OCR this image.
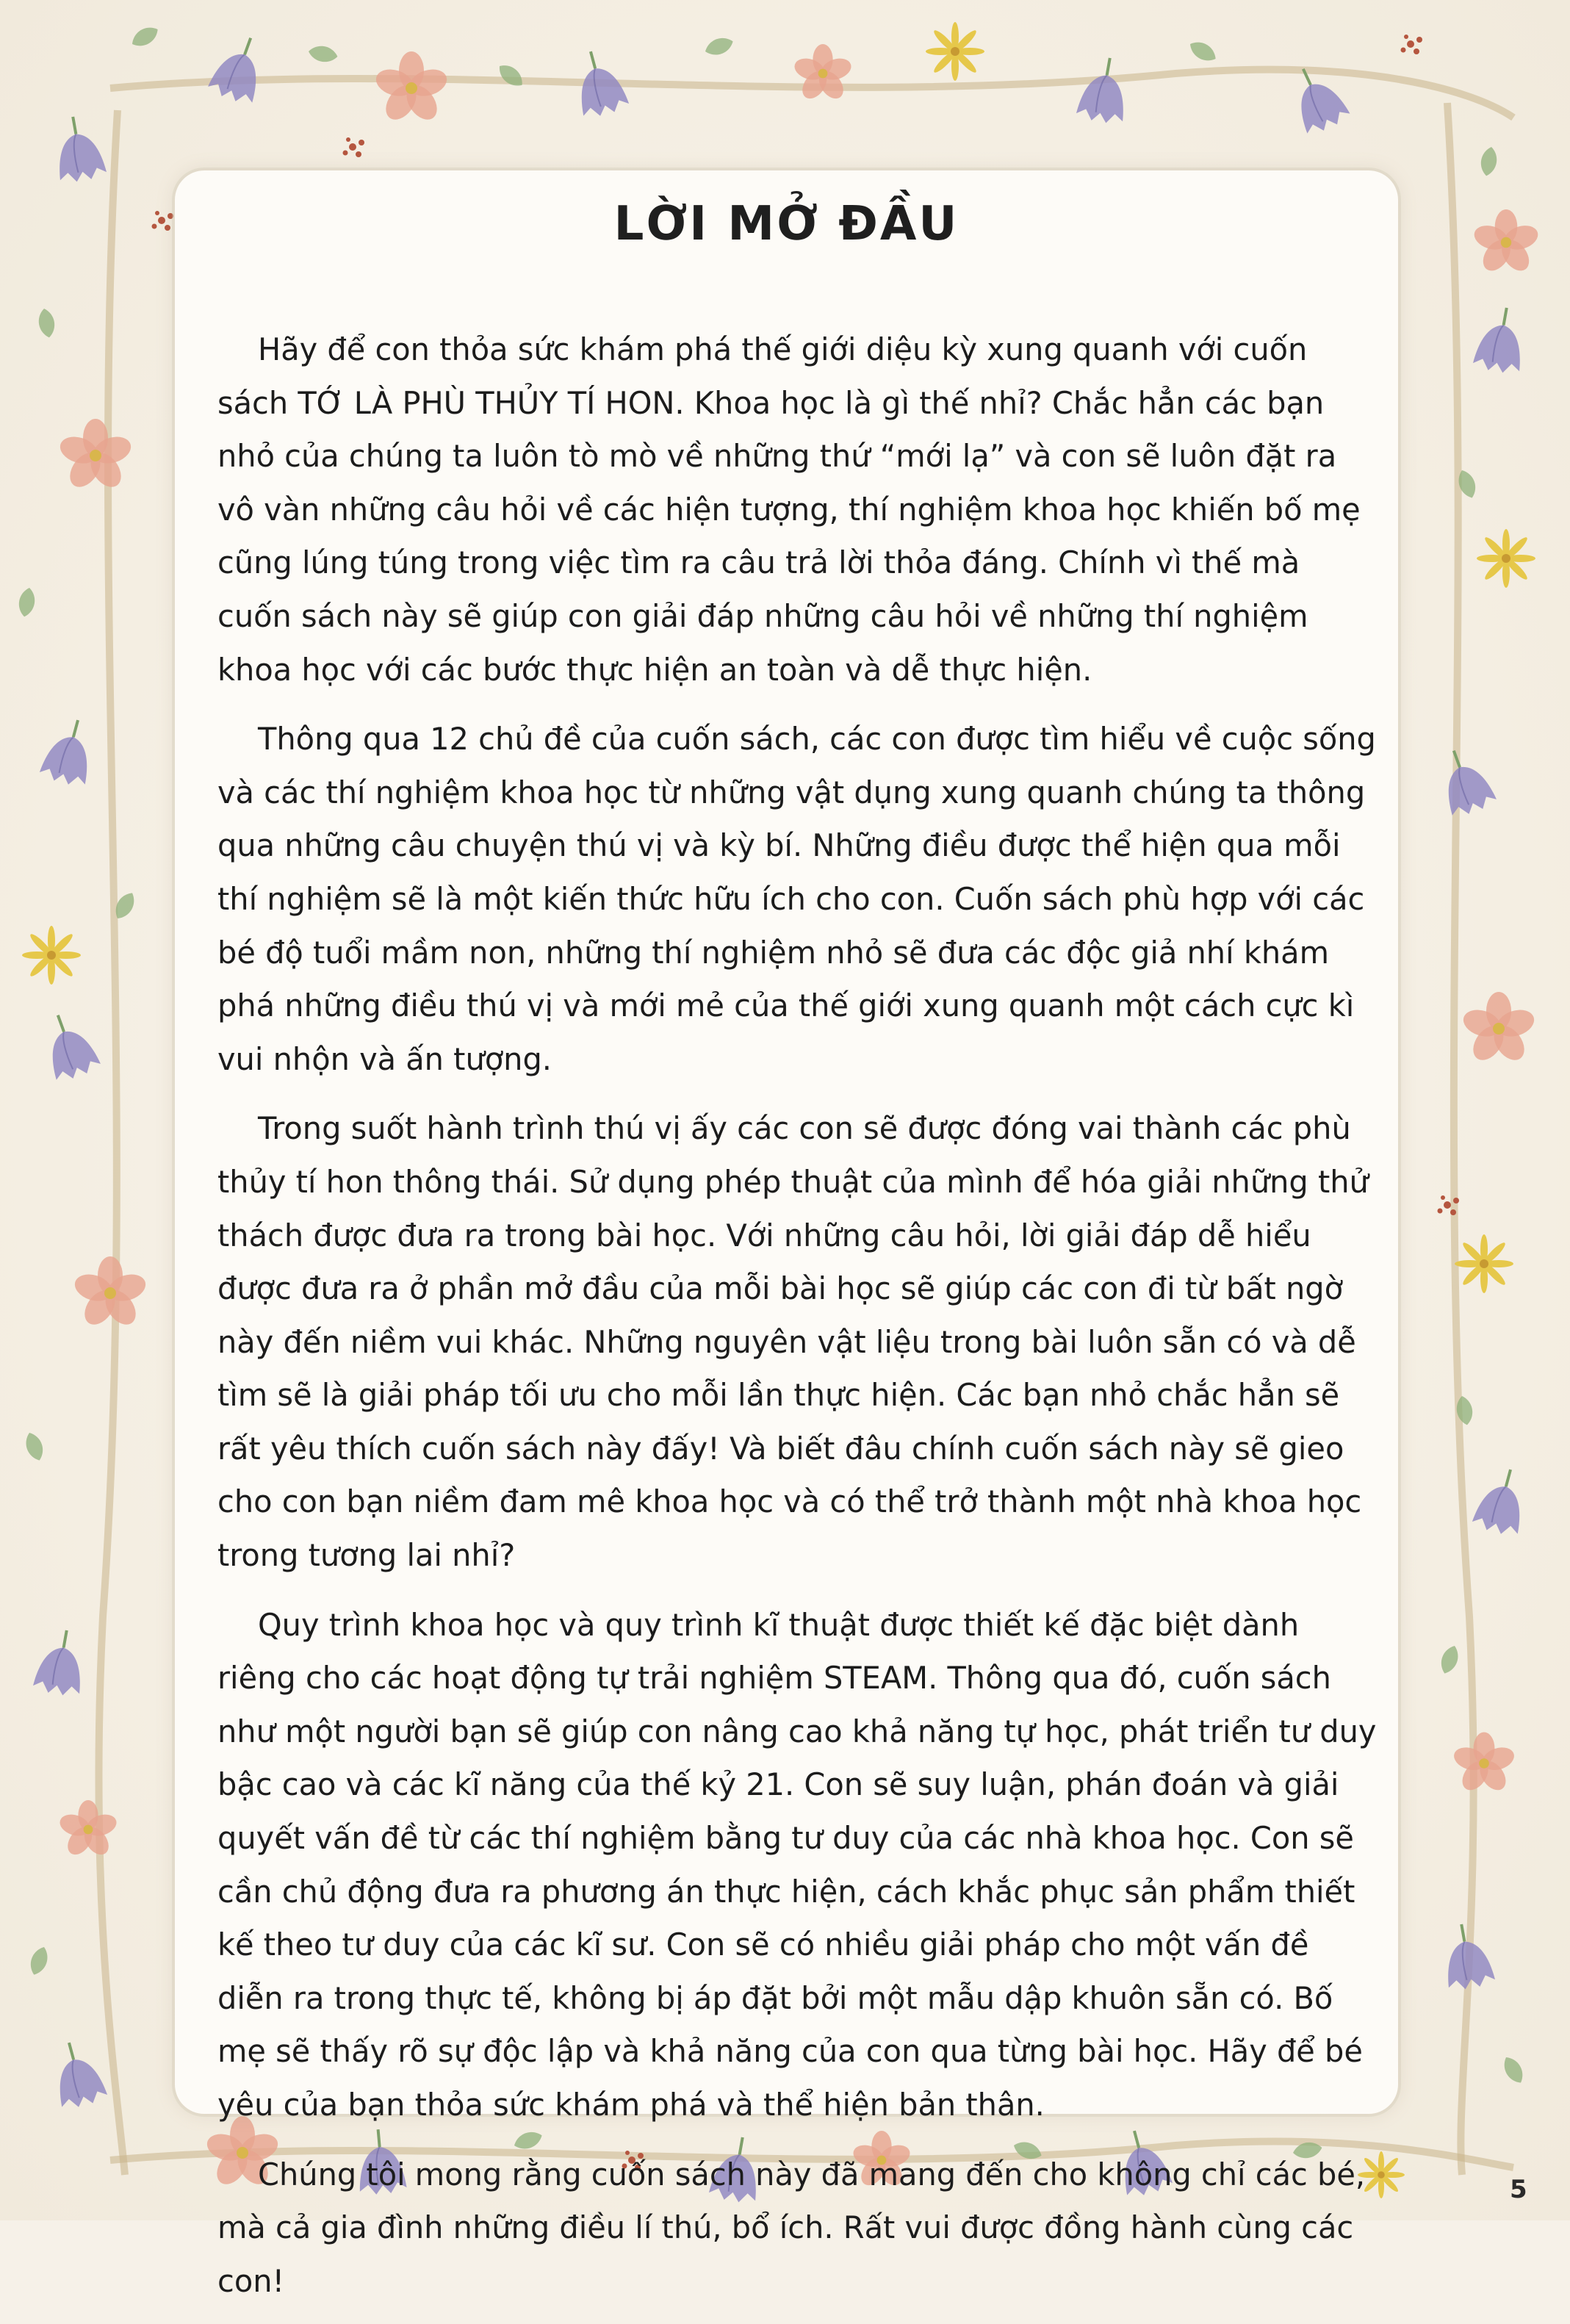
LỜI MỞ ĐẦU

Hãy để con thỏa sức khám phá thế giới diệu kỳ xung quanh với cuốn sách TỚ LÀ PHÙ THỦY TÍ HON. Khoa học là gì thế nhỉ? Chắc hẳn các bạn nhỏ của chúng ta luôn tò mò về những thứ “mới lạ” và con sẽ luôn đặt ra vô vàn những câu hỏi về các hiện tượng, thí nghiệm khoa học khiến bố mẹ cũng lúng túng trong việc tìm ra câu trả lời thỏa đáng. Chính vì thế mà cuốn sách này sẽ giúp con giải đáp những câu hỏi về những thí nghiệm khoa học với các bước thực hiện an toàn và dễ thực hiện.

Thông qua 12 chủ đề của cuốn sách, các con được tìm hiểu về cuộc sống và các thí nghiệm khoa học từ những vật dụng xung quanh chúng ta thông qua những câu chuyện thú vị và kỳ bí. Những điều được thể hiện qua mỗi thí nghiệm sẽ là một kiến thức hữu ích cho con. Cuốn sách phù hợp với các bé độ tuổi mầm non, những thí nghiệm nhỏ sẽ đưa các độc giả nhí khám phá những điều thú vị và mới mẻ của thế giới xung quanh một cách cực kì vui nhộn và ấn tượng.

Trong suốt hành trình thú vị ấy các con sẽ được đóng vai thành các phù thủy tí hon thông thái. Sử dụng phép thuật của mình để hóa giải những thử thách được đưa ra trong bài học. Với những câu hỏi, lời giải đáp dễ hiểu được đưa ra ở phần mở đầu của mỗi bài học sẽ giúp các con đi từ bất ngờ này đến niềm vui khác. Những nguyên vật liệu trong bài luôn sẵn có và dễ tìm sẽ là giải pháp tối ưu cho mỗi lần thực hiện. Các bạn nhỏ chắc hẳn sẽ rất yêu thích cuốn sách này đấy! Và biết đâu chính cuốn sách này sẽ gieo cho con bạn niềm đam mê khoa học và có thể trở thành một nhà khoa học trong tương lai nhỉ?

Quy trình khoa học và quy trình kĩ thuật được thiết kế đặc biệt dành riêng cho các hoạt động tự trải nghiệm STEAM. Thông qua đó, cuốn sách như một người bạn sẽ giúp con nâng cao khả năng tự học, phát triển tư duy bậc cao và các kĩ năng của thế kỷ 21. Con sẽ suy luận, phán đoán và giải quyết vấn đề từ các thí nghiệm bằng tư duy của các nhà khoa học. Con sẽ cần chủ động đưa ra phương án thực hiện, cách khắc phục sản phẩm thiết kế theo tư duy của các kĩ sư. Con sẽ có nhiều giải pháp cho một vấn đề diễn ra trong thực tế, không bị áp đặt bởi một mẫu dập khuôn sẵn có. Bố mẹ sẽ thấy rõ sự độc lập và khả năng của con qua từng bài học. Hãy để bé yêu của bạn thỏa sức khám phá và thể hiện bản thân.

Chúng tôi mong rằng cuốn sách này đã mang đến cho không chỉ các bé, mà cả gia đình những điều lí thú, bổ ích. Rất vui được đồng hành cùng các con!

5
